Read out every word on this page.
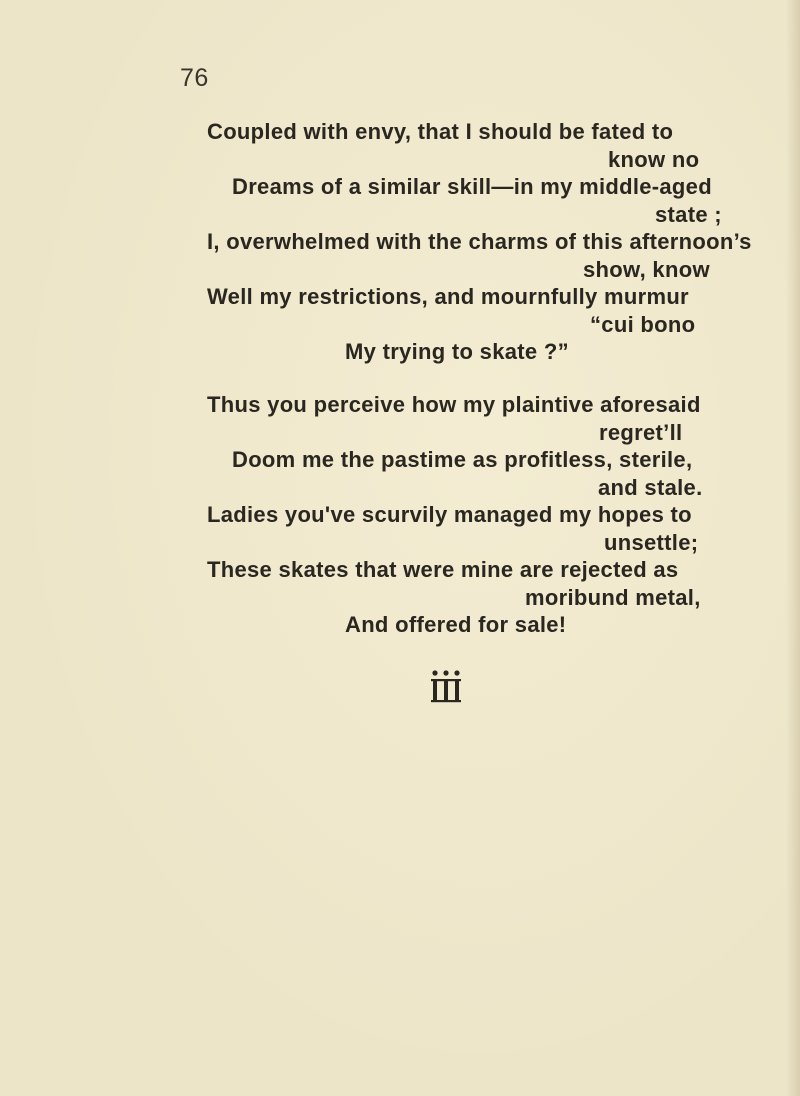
76
Coupled with envy, that I should be fated to
know no
Dreams of a similar skill—in my middle-aged
state ;
I, overwhelmed with the charms of this afternoon’s
show, know
Well my restrictions, and mournfully murmur
“cui bono
My trying to skate ?”
Thus you perceive how my plaintive aforesaid
regret’ll
Doom me the pastime as profitless, sterile,
and stale.
Ladies you've scurvily managed my hopes to
unsettle;
These skates that were mine are rejected as
moribund metal,
And offered for sale!
